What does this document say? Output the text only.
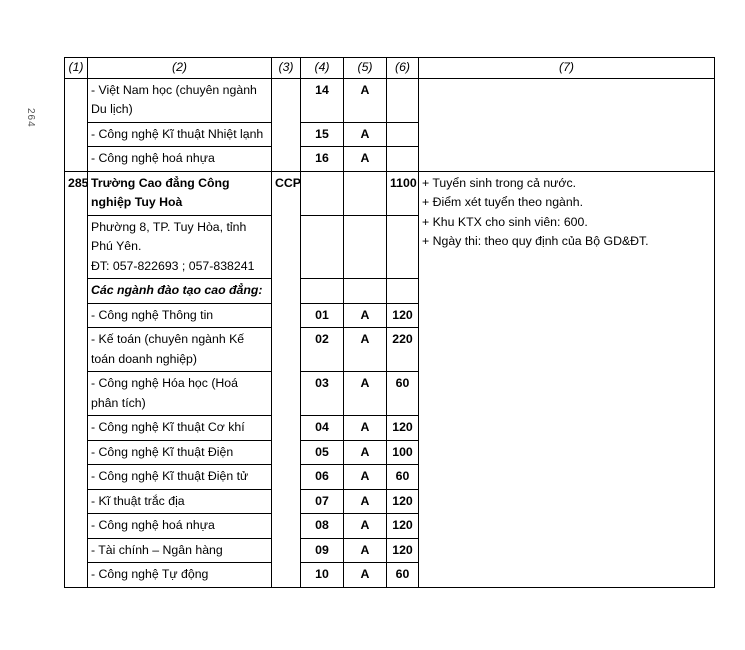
264
(1)	(2)	(3)	(4)	(5)	(6)	(7)
	- Việt Nam học (chuyên ngành Du lịch)		14	A		
	- Công nghệ Kĩ thuật Nhiệt lạnh		15	A		
	- Công nghệ hoá nhựa		16	A		
285	Trường Cao đẳng Công nghiệp Tuy Hoà	CCP			1100	+ Tuyển sinh trong cả nước.
+ Điểm xét tuyển theo ngành.
+ Khu KTX cho sinh viên: 600.
+ Ngày thi: theo quy định của Bộ GD&ĐT.

	Phường 8, TP. Tuy Hòa, tỉnh Phú Yên.
ĐT: 057-822693 ; 057-838241					
	Các ngành đào tạo cao đẳng:					
	- Công nghệ Thông tin		01	A	120	
	- Kế toán (chuyên ngành Kế toán doanh nghiệp)		02	A	220	
	- Công nghệ Hóa học (Hoá phân tích)		03	A	60	
	- Công nghệ Kĩ thuật Cơ khí		04	A	120	
	- Công nghệ Kĩ thuật Điện		05	A	100	
	- Công nghệ Kĩ thuật Điện tử		06	A	60	
	- Kĩ thuật trắc địa		07	A	120	
	- Công nghệ hoá nhựa		08	A	120	
	- Tài chính – Ngân hàng		09	A	120	
	- Công nghệ Tự động		10	A	60	
